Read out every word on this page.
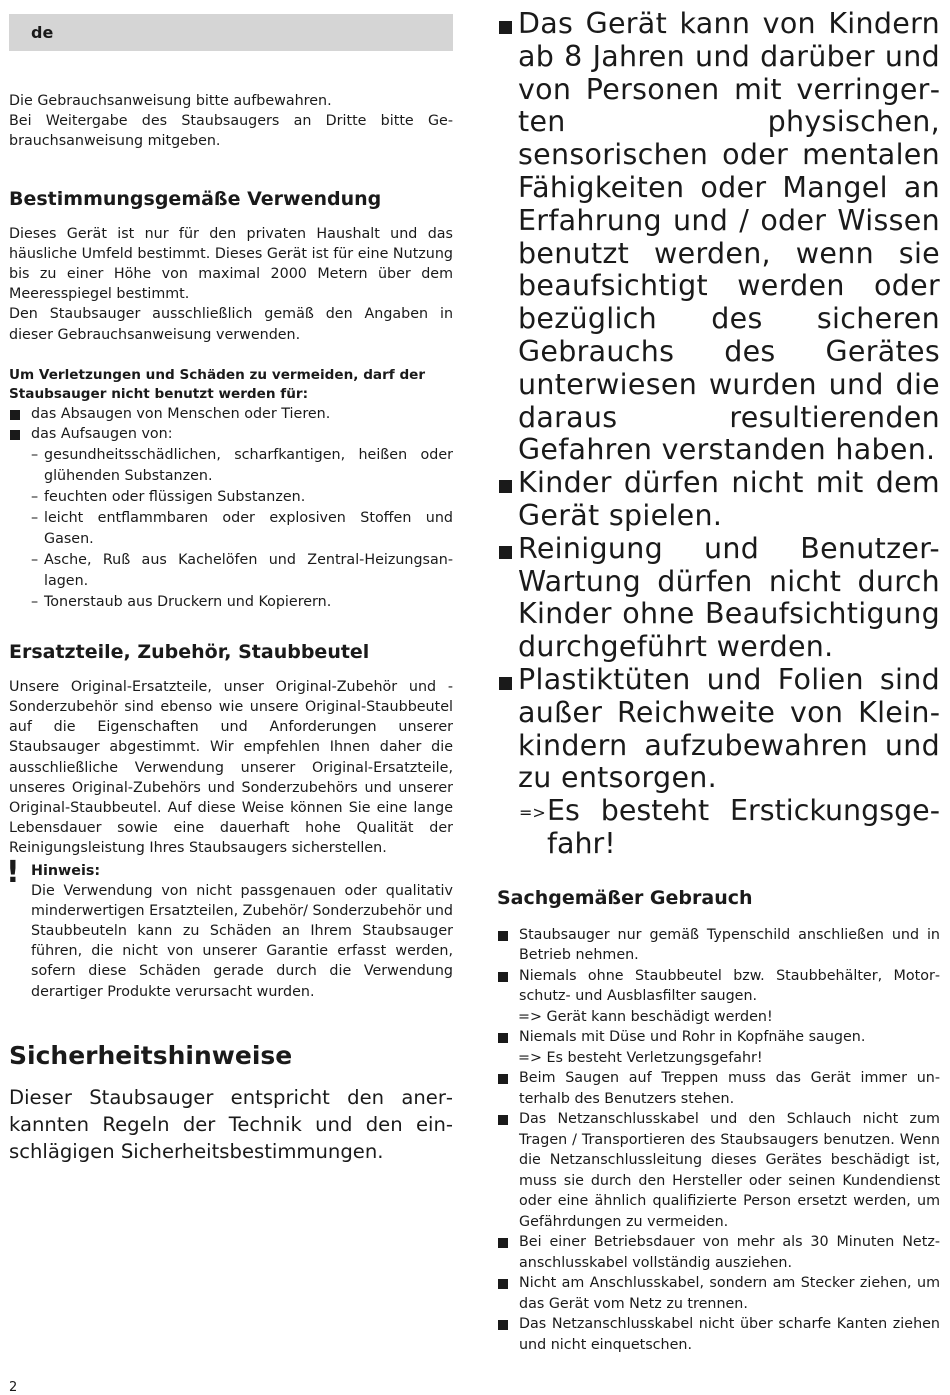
de

Die Gebrauchsanweisung bitte aufbewahren.

Bei Weitergabe des Staubsaugers an Dritte bitte Gebrauchsanweisung mitgeben.

Bestimmungsgemäße Verwendung

Dieses Gerät ist nur für den privaten Haushalt und das häusliche Umfeld bestimmt. Dieses Gerät ist für eine Nutzung bis zu einer Höhe von maximal 2000 Metern über dem Meeresspiegel bestimmt.

Den Staubsauger ausschließlich gemäß den Angaben in dieser Gebrauchsanweisung verwenden.

Um Verletzungen und Schäden zu vermeiden, darf der Staubsauger nicht benutzt werden für:

das Absaugen von Menschen oder Tieren.
das Aufsaugen von:
– gesundheitsschädlichen, scharfkantigen, heißen oder glühenden Substanzen.
– feuchten oder flüssigen Substanzen.
– leicht entflammbaren oder explosiven Stoffen und Gasen.
– Asche, Ruß aus Kachelöfen und Zentral-Heizungsanlagen.
– Tonerstaub aus Druckern und Kopierern.
Ersatzteile, Zubehör, Staubbeutel

Unsere Original-Ersatzteile, unser Original-Zubehör und -Sonderzubehör sind ebenso wie unsere Original-Staubbeutel auf die Eigenschaften und Anforderungen unserer Staubsauger abgestimmt. Wir empfehlen Ihnen daher die ausschließliche Verwendung unserer Original-Ersatzteile, unseres Original-Zubehörs und Sonderzubehörs und unserer Original-Staubbeutel. Auf diese Weise können Sie eine lange Lebensdauer sowie eine dauerhaft hohe Qualität der Reinigungsleistung Ihres Staubsaugers sicherstellen.

! Hinweis:

Die Verwendung von nicht passgenauen oder qualitativ minderwertigen Ersatzteilen, Zubehör/ Sonderzubehör und Staubbeuteln kann zu Schäden an Ihrem Staubsauger führen, die nicht von unserer Garantie erfasst werden, sofern diese Schäden gerade durch die Verwendung derartiger Produkte verursacht wurden.

Sicherheitshinweise

Dieser Staubsauger entspricht den anerkannten Regeln der Technik und den einschlägigen Sicherheitsbestimmungen.

Das Gerät kann von Kindern ab 8 Jahren und darüber und von Personen mit verringerten physischen, sensorischen oder mentalen Fähigkeiten oder Mangel an Erfahrung und / oder Wissen benutzt werden, wenn sie beaufsichtigt werden oder bezüglich des sicheren Gebrauchs des Gerätes unterwiesen wurden und die daraus resultierenden Gefahren verstanden haben.
Kinder dürfen nicht mit dem Gerät spielen.
Reinigung und Benutzer-Wartung dürfen nicht durch Kinder ohne Beaufsichtigung durchgeführt werden.
Plastiktüten und Folien sind außer Reichweite von Kleinkindern aufzubewahren und zu entsorgen.
=> Es besteht Erstickungsgefahr!
Sachgemäßer Gebrauch
Staubsauger nur gemäß Typenschild anschließen und in Betrieb nehmen.
Niemals ohne Staubbeutel bzw. Staubbehälter, Motorschutz- und Ausblasfilter saugen.
=> Gerät kann beschädigt werden!
Niemals mit Düse und Rohr in Kopfnähe saugen.
=> Es besteht Verletzungsgefahr!
Beim Saugen auf Treppen muss das Gerät immer unterhalb des Benutzers stehen.
Das Netzanschlusskabel und den Schlauch nicht zum Tragen / Transportieren des Staubsaugers benutzen. Wenn die Netzanschlussleitung dieses Gerätes beschädigt ist, muss sie durch den Hersteller oder seinen Kundendienst oder eine ähnlich qualifizierte Person ersetzt werden, um Gefährdungen zu vermeiden.
Bei einer Betriebsdauer von mehr als 30 Minuten Netzanschlusskabel vollständig ausziehen.
Nicht am Anschlusskabel, sondern am Stecker ziehen, um das Gerät vom Netz zu trennen.
Das Netzanschlusskabel nicht über scharfe Kanten ziehen und nicht einquetschen.
2
